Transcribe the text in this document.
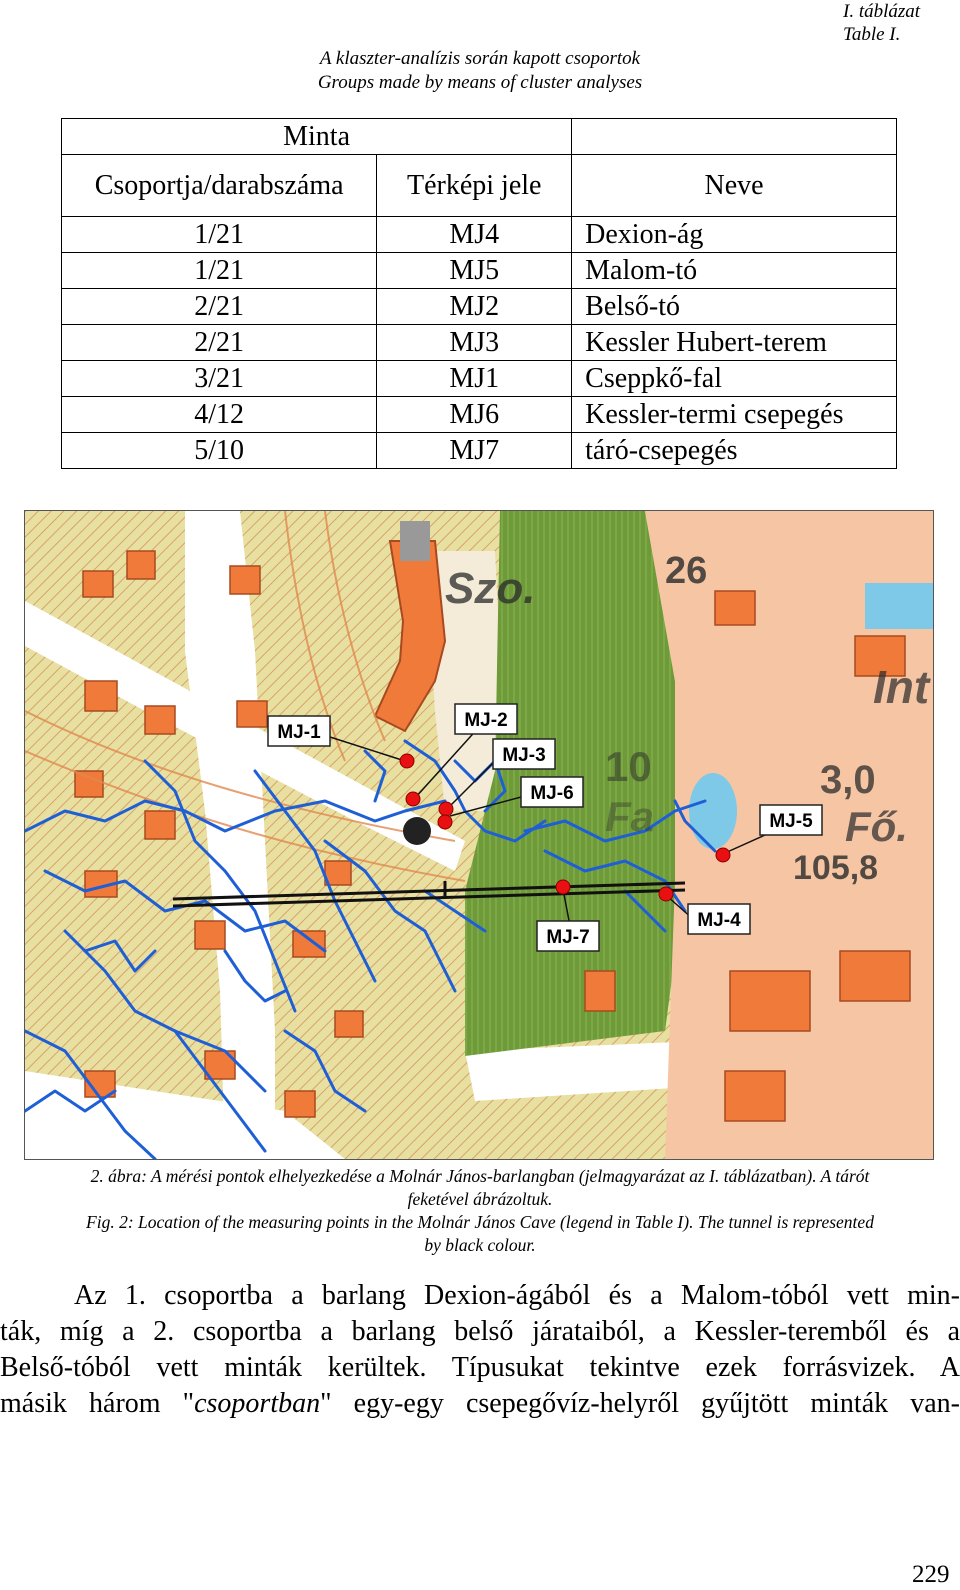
I. táblázat
Table I.
A klaszter-analízis során kapott csoportok
Groups made by means of cluster analyses
Minta		
Csoportja/darabszáma	Térképi jele	Neve
1/21	MJ4	Dexion-ág
1/21	MJ5	Malom-tó
2/21	MJ2	Belső-tó
2/21	MJ3	Kessler Hubert-terem
3/21	MJ1	Cseppkő-fal
4/12	MJ6	Kessler-termi csepegés
5/10	MJ7	táró-csepegés
MJ-1
MJ-2
MJ-3
MJ-6
MJ-5
MJ-7
MJ-4
Szo.	26
10
Fa
Int
3,0
Fő.
105,8
2. ábra: A mérési pontok elhelyezkedése a Molnár János-barlangban (jelmagyarázat az I. táblázatban). A tárót
feketével ábrázoltuk.
Fig. 2: Location of the measuring points in the Molnár János Cave (legend in Table I). The tunnel is represented
by black colour.

Az 1. csoportba a barlang Dexion-ágából és a Malom-tóból vett min-

ták, míg a 2. csoportba a barlang belső járataiból, a Kessler-teremből és a

Belső-tóból vett minták kerültek. Típusukat tekintve ezek forrásvizek. A

másik három "csoportban" egy-egy csepegővíz-helyről gyűjtött minták van-

229
